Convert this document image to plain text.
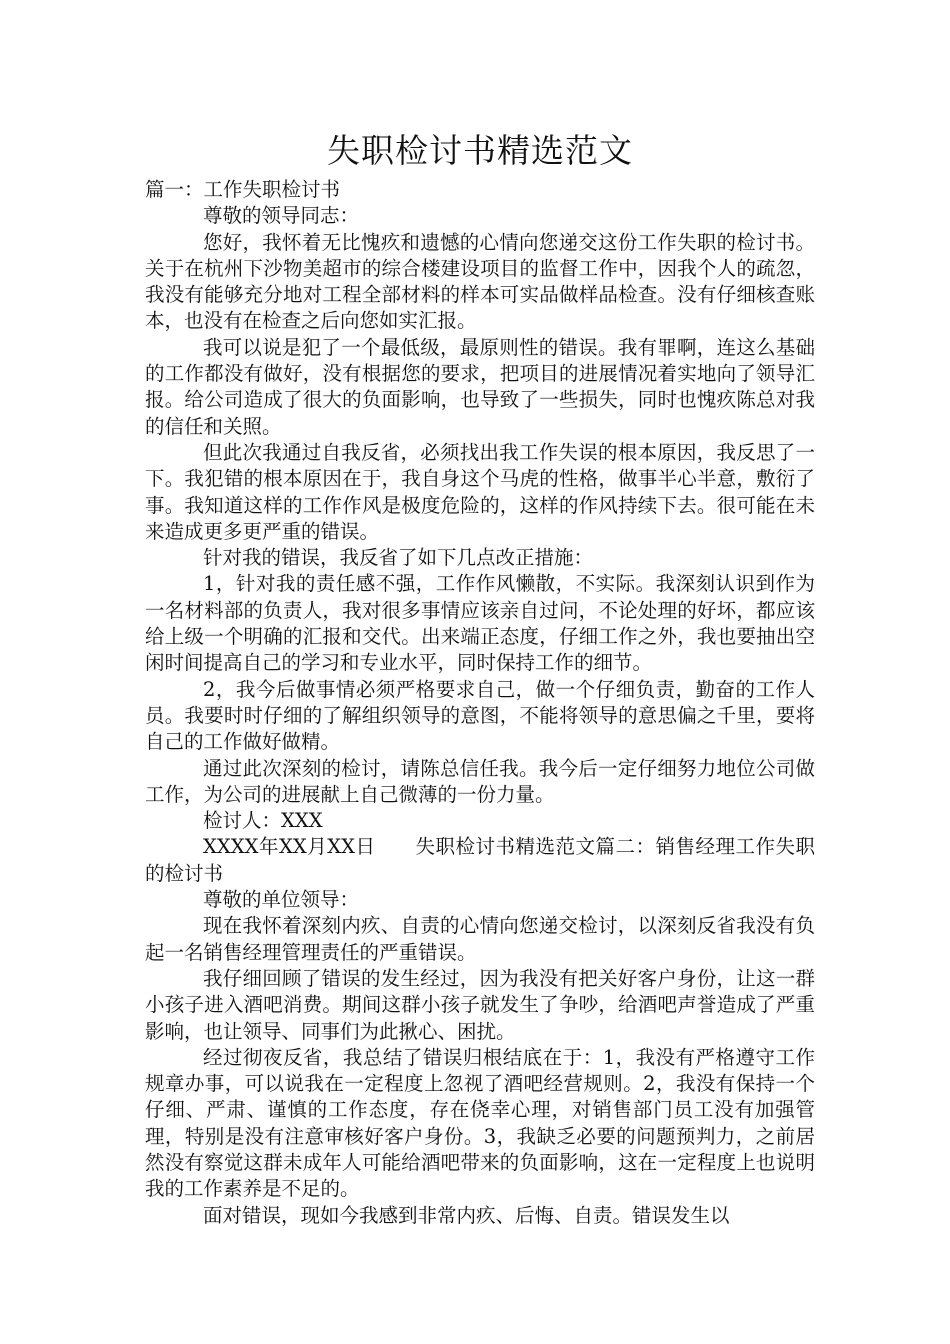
失职检讨书精选范文

篇一：工作失职检讨书

尊敬的领导同志：

您好，我怀着无比愧疚和遗憾的心情向您递交这份工作失职的检讨书。关于在杭州下沙物美超市的综合楼建设项目的监督工作中，因我个人的疏忽，我没有能够充分地对工程全部材料的样本可实品做样品检查。没有仔细核查账本，也没有在检查之后向您如实汇报。

我可以说是犯了一个最低级，最原则性的错误。我有罪啊，连这么基础的工作都没有做好，没有根据您的要求，把项目的进展情况着实地向了领导汇报。给公司造成了很大的负面影响，也导致了一些损失，同时也愧疚陈总对我的信任和关照。

但此次我通过自我反省，必须找出我工作失误的根本原因，我反思了一下。我犯错的根本原因在于，我自身这个马虎的性格，做事半心半意，敷衍了事。我知道这样的工作作风是极度危险的，这样的作风持续下去。很可能在未来造成更多更严重的错误。

针对我的错误，我反省了如下几点改正措施：

1，针对我的责任感不强，工作作风懒散，不实际。我深刻认识到作为一名材料部的负责人，我对很多事情应该亲自过问，不论处理的好坏，都应该给上级一个明确的汇报和交代。出来端正态度，仔细工作之外，我也要抽出空闲时间提高自己的学习和专业水平，同时保持工作的细节。

2，我今后做事情必须严格要求自己，做一个仔细负责，勤奋的工作人员。我要时时仔细的了解组织领导的意图，不能将领导的意思偏之千里，要将自己的工作做好做精。

通过此次深刻的检讨，请陈总信任我。我今后一定仔细努力地位公司做工作，为公司的进展献上自己微薄的一份力量。

检讨人：XXX

XXXX年XX月XX日　　失职检讨书精选范文篇二：销售经理工作失职的检讨书

尊敬的单位领导：

现在我怀着深刻内疚、自责的心情向您递交检讨，以深刻反省我没有负起一名销售经理管理责任的严重错误。

我仔细回顾了错误的发生经过，因为我没有把关好客户身份，让这一群小孩子进入酒吧消费。期间这群小孩子就发生了争吵，给酒吧声誉造成了严重影响，也让领导、同事们为此揪心、困扰。

经过彻夜反省，我总结了错误归根结底在于：1，我没有严格遵守工作规章办事，可以说我在一定程度上忽视了酒吧经营规则。2，我没有保持一个仔细、严肃、谨慎的工作态度，存在侥幸心理，对销售部门员工没有加强管理，特别是没有注意审核好客户身份。3，我缺乏必要的问题预判力，之前居然没有察觉这群未成年人可能给酒吧带来的负面影响，这在一定程度上也说明我的工作素养是不足的。

面对错误，现如今我感到非常内疚、后悔、自责。错误发生以
